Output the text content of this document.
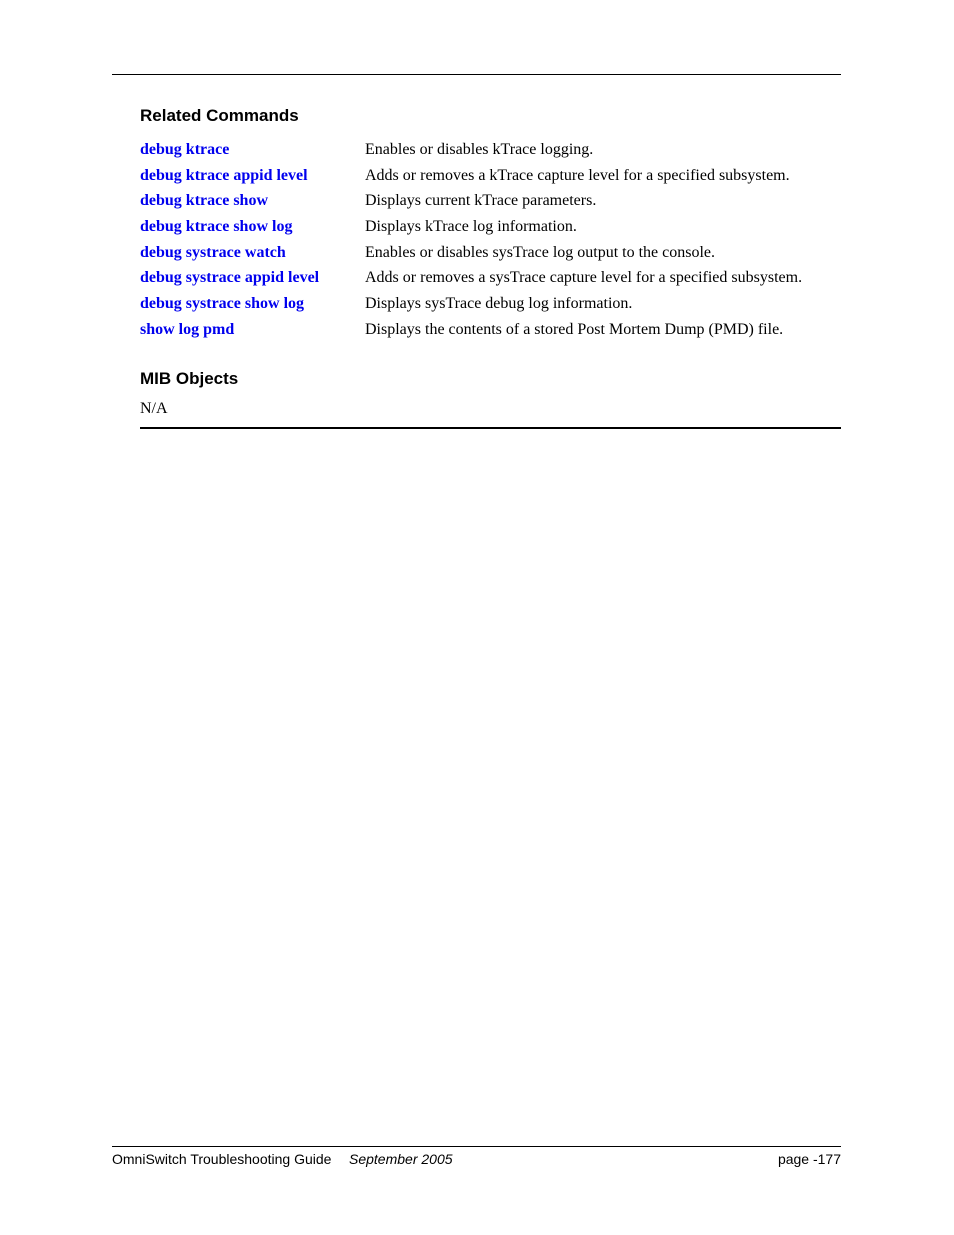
Related Commands
debug ktrace	Enables or disables kTrace logging.
debug ktrace appid level	Adds or removes a kTrace capture level for a specified subsystem.
debug ktrace show	Displays current kTrace parameters.
debug ktrace show log	Displays kTrace log information.
debug systrace watch	Enables or disables sysTrace log output to the console.
debug systrace appid level	Adds or removes a sysTrace capture level for a specified subsystem.
debug systrace show log	Displays sysTrace debug log information.
show log pmd	Displays the contents of a stored Post Mortem Dump (PMD) file.
MIB Objects
N/A
OmniSwitch Troubleshooting Guide September 2005	page -177
